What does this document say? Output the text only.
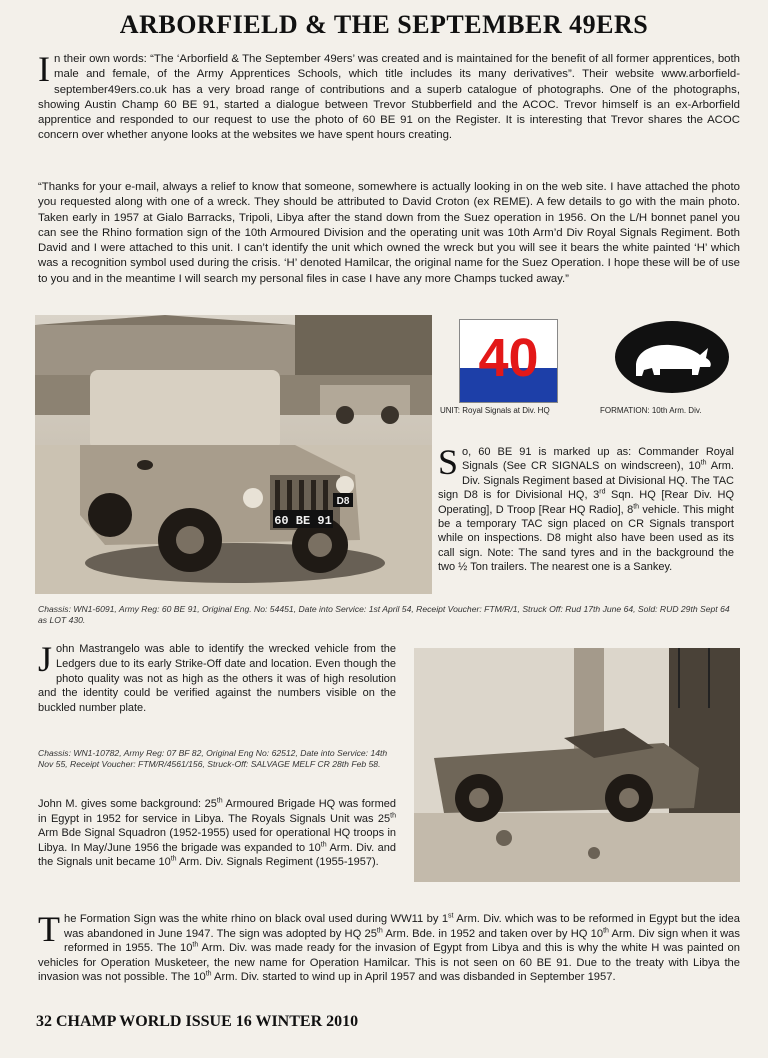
ARBORFIELD & THE SEPTEMBER 49ERS
I n their own words: “The ‘Arborfield & The September 49ers’ was created and is maintained for the benefit of all former apprentices, both male and female, of the Army Apprentices Schools, which title includes its many derivatives”. Their website www.arborfield-september49ers.co.uk has a very broad range of contributions and a superb catalogue of photographs. One of the photographs, showing Austin Champ 60 BE 91, started a dialogue between Trevor Stubberfield and the ACOC. Trevor himself is an ex-Arborfield apprentice and responded to our request to use the photo of 60 BE 91 on the Register. It is interesting that Trevor shares the ACOC concern over whether anyone looks at the websites we have spent hours creating.
“Thanks for your e-mail, always a relief to know that someone, somewhere is actually looking in on the web site. I have attached the photo you requested along with one of a wreck. They should be attributed to David Croton (ex REME). A few details to go with the main photo. Taken early in 1957 at Gialo Barracks, Tripoli, Libya after the stand down from the Suez operation in 1956. On the L/H bonnet panel you can see the Rhino formation sign of the 10th Armoured Division and the operating unit was 10th Arm’d Div Royal Signals Regiment. Both David and I were attached to this unit. I can’t identify the unit which owned the wreck but you will see it bears the white painted ‘H’ which was a recognition symbol used during the crisis. ‘H’ denoted Hamilcar, the original name for the Suez Operation. I hope these will be of use to you and in the meantime I will search my personal files in case I have any more Champs tucked away.”
60 BE 91
D8
40
UNIT: Royal Signals at Div. HQ	FORMATION: 10th Arm. Div.
S o, 60 BE 91 is marked up as: Commander Royal Signals (See CR SIGNALS on windscreen), 10th Arm. Div. Signals Regiment based at Divisional HQ. The TAC sign D8 is for Divisional HQ, 3rd Sqn. HQ [Rear Div. HQ Operating], D Troop [Rear HQ Radio], 8th vehicle. This might be a temporary TAC sign placed on CR Signals transport while on inspections. D8 might also have been used as its call sign. Note: The sand tyres and in the background the two ½ Ton trailers. The nearest one is a Sankey.
Chassis: WN1-6091, Army Reg: 60 BE 91, Original Eng. No: 54451, Date into Service: 1st April 54, Receipt Voucher: FTM/R/1, Struck Off: Rud 17th June 64, Sold: RUD 29th Sept 64 as LOT 430.
J ohn Mastrangelo was able to identify the wrecked vehicle from the Ledgers due to its early Strike-Off date and location. Even though the photo quality was not as high as the others it was of high resolution and the identity could be verified against the numbers visible on the buckled number plate.
Chassis: WN1-10782, Army Reg: 07 BF 82, Original Eng No: 62512, Date into Service: 14th Nov 55, Receipt Voucher: FTM/R/4561/156, Struck-Off: SALVAGE MELF CR 28th Feb 58.
John M. gives some background: 25th Armoured Brigade HQ was formed in Egypt in 1952 for service in Libya. The Royals Signals Unit was 25th Arm Bde Signal Squadron (1952-1955) used for operational HQ troops in Libya. In May/June 1956 the brigade was expanded to 10th Arm. Div. and the Signals unit became 10th Arm. Div. Signals Regiment (1955-1957).
T he Formation Sign was the white rhino on black oval used during WW11 by 1st Arm. Div. which was to be reformed in Egypt but the idea was abandoned in June 1947. The sign was adopted by HQ 25th Arm. Bde. in 1952 and taken over by HQ 10th Arm. Div sign when it was reformed in 1955. The 10th Arm. Div. was made ready for the invasion of Egypt from Libya and this is why the white H was painted on vehicles for Operation Musketeer, the new name for Operation Hamilcar. This is not seen on 60 BE 91. Due to the treaty with Libya the invasion was not possible. The 10th Arm. Div. started to wind up in April 1957 and was disbanded in September 1957.
32 CHAMP WORLD ISSUE 16 WINTER 2010
